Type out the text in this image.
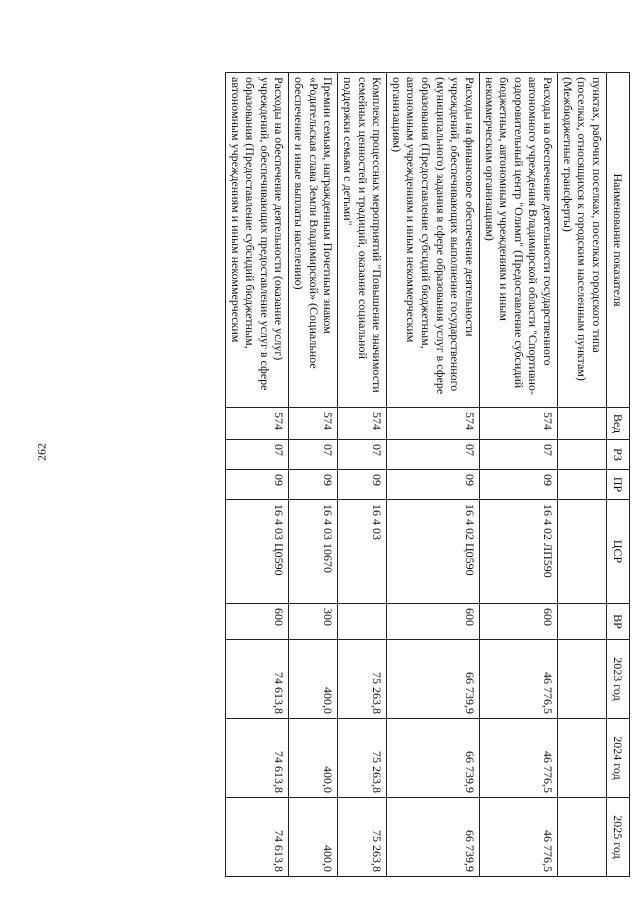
262
Наименование показателя	Вед	РЗ	ПР	ЦСР	ВР	2023 год	2024 год	2025 год
пунктах, рабочих поселках, поселках городского типа (поселках, относящихся к городским населенным пунктам) (Межбюджетные трансферты)								
Расходы на обеспечение деятельности государственного автономного учреждения Владимирской области "Спортивно-оздоровительный центр "Олимп" (Предоставление субсидий бюджетным, автономным учреждениям и иным некоммерческим организациям)	574	07	09	16 4 02 ЛП590	600	46 776,5	46 776,5	46 776,5
Расходы на финансовое обеспечение деятельности учреждений, обеспечивающих выполнение государственного (муниципального) задания в сфере образования услуг в сфере образования (Предоставление субсидий бюджетным, автономным учреждениям и иным некоммерческим организациям)	574	07	09	16 4 02 Ц0590	600	66 739,9	66 739,9	66 739,9
Комплекс процессных мероприятий "Повышение значимости семейных ценностей и традиций, оказание социальной поддержки семьям с детьми"	574	07	09	16 4 03		75 263,8	75 263,8	75 263,8
Премии семьям, награжденным Почетным знаком «Родительская слава Земли Владимирской» (Социальное обеспечение и иные выплаты населению)	574	07	09	16 4 03 10670	300	400,0	400,0	400,0
Расходы на обеспечение деятельности (оказание услуг) учреждений, обеспечивающих предоставление услуг в сфере образования (Предоставление субсидий бюджетным, автономным учреждениям и иным некоммерческим	574	07	09	16 4 03 Ц0590	600	74 613,8	74 613,8	74 613,8
